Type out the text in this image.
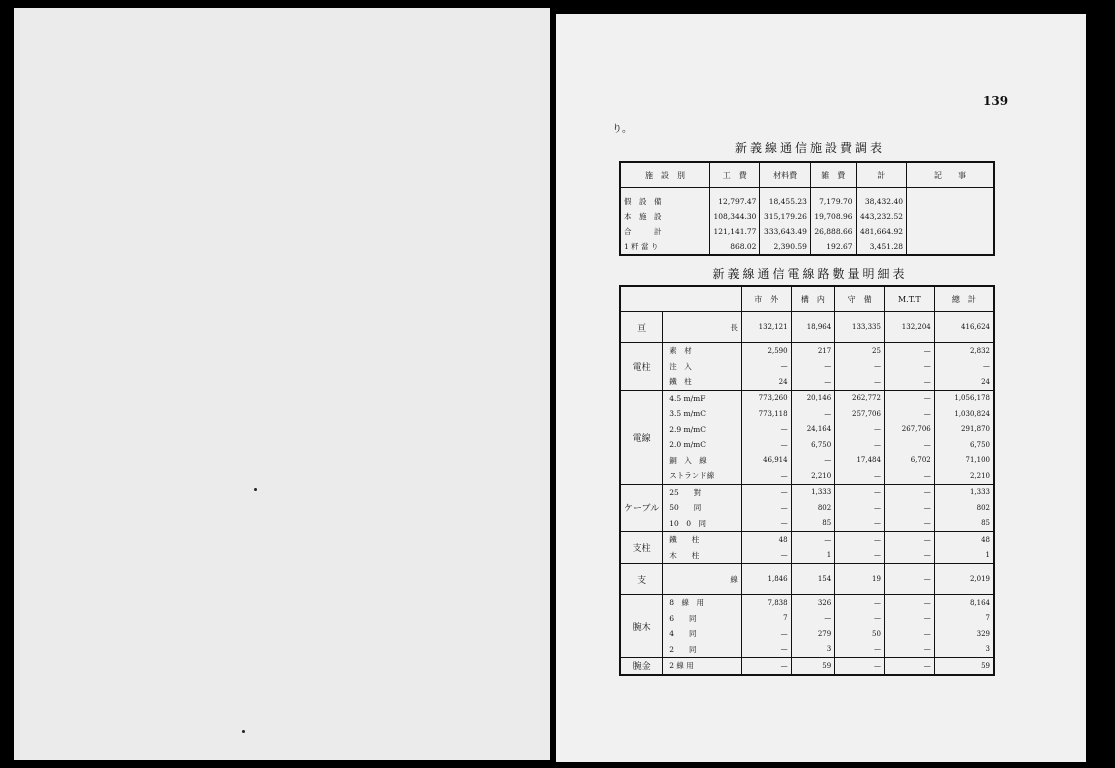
139
り。
新義線通信施設費調表
施　設　別	工　費	材料費	雑　費	計	記　　事
假　設　備	12,797.47	18,455.23	7,179.70	38,432.40	
本　施　設	108,344.30	315,179.26	19,708.96	443,232.52	
合　　　計	121,141.77	333,643.49	26,888.66	481,664.92	
1 粁 當 り	868.02	2,390.59	192.67	3,451.28	
新義線通信電線路數量明細表
		市　外	構　内	守　備	M.T.T	總　計
亘	長	132,121	18,964	133,335	132,204	416,624
電柱	素　材	2,590	217	25	—	2,832
	注　入	—	—	—	—	—
	鐵　柱	24	—	—	—	24
電線	4.5 m/mF	773,260	20,146	262,772	—	1,056,178
	3.5 m/mC	773,118	—	257,706	—	1,030,824
	2.9 m/mC	—	24,164	—	267,706	291,870
	2.0 m/mC	—	6,750	—	—	6,750
	銅　入　線	46,914	—	17,484	6,702	71,100
	ストランド線	—	2,210	—	—	2,210
ケーブル	25　　對	—	1,333	—	—	1,333
	50　　同	—	802	—	—	802
	10　0　同	—	85	—	—	85
支柱	鐵　　柱	48	—	—	—	48
	木　　柱	—	1	—	—	1
支	線	1,846	154	19	—	2,019
腕木	8　線　用	7,838	326	—	—	8,164
	6　　同	7	—	—	—	7
	4　　同	—	279	50	—	329
	2　　同	—	3	—	—	3
腕金	2 線 用	—	59	—	—	59
